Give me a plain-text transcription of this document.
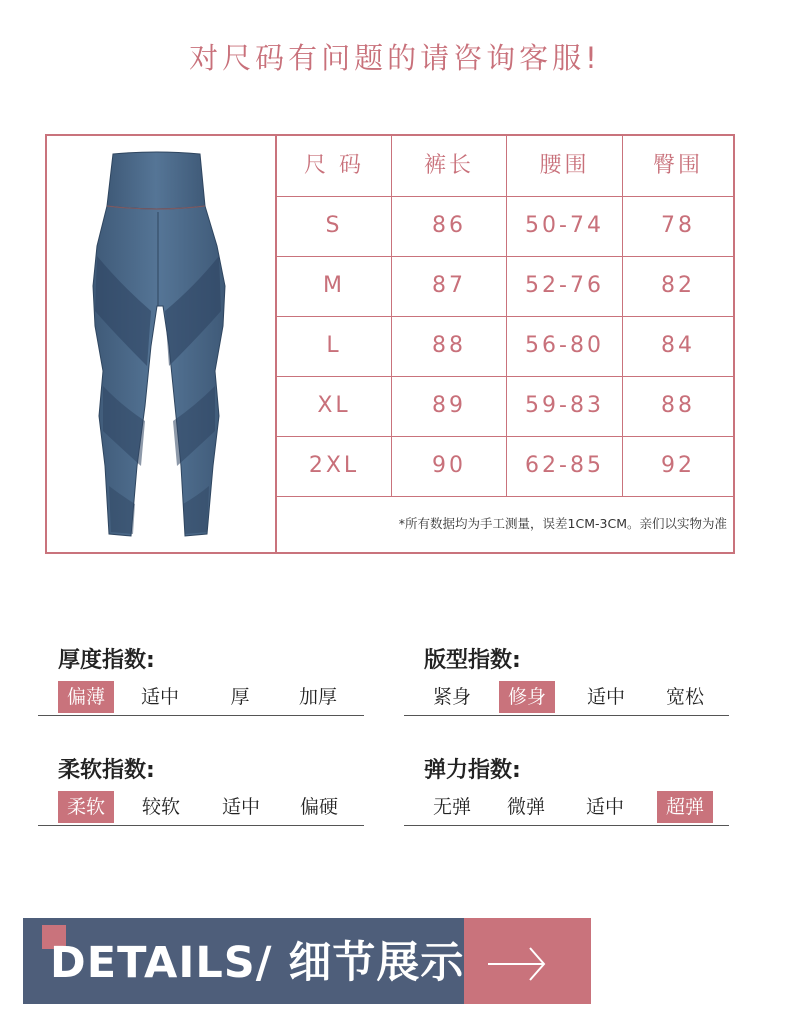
对尺码有问题的请咨询客服!
尺 码	裤长	腰围	臀围
S	86	50-74	78
M	87	52-76	82
L	88	56-80	84
XL	89	59-83	88
2XL	90	62-85	92
*所有数据均为手工测量，误差1CM-3CM。亲们以实物为准
厚度指数:
偏薄	适中	厚	加厚
版型指数:
紧身	修身	适中	宽松
柔软指数:
柔软	较软	适中	偏硬
弹力指数:
无弹	微弹	适中	超弹
DETAILS/ 细节展示
